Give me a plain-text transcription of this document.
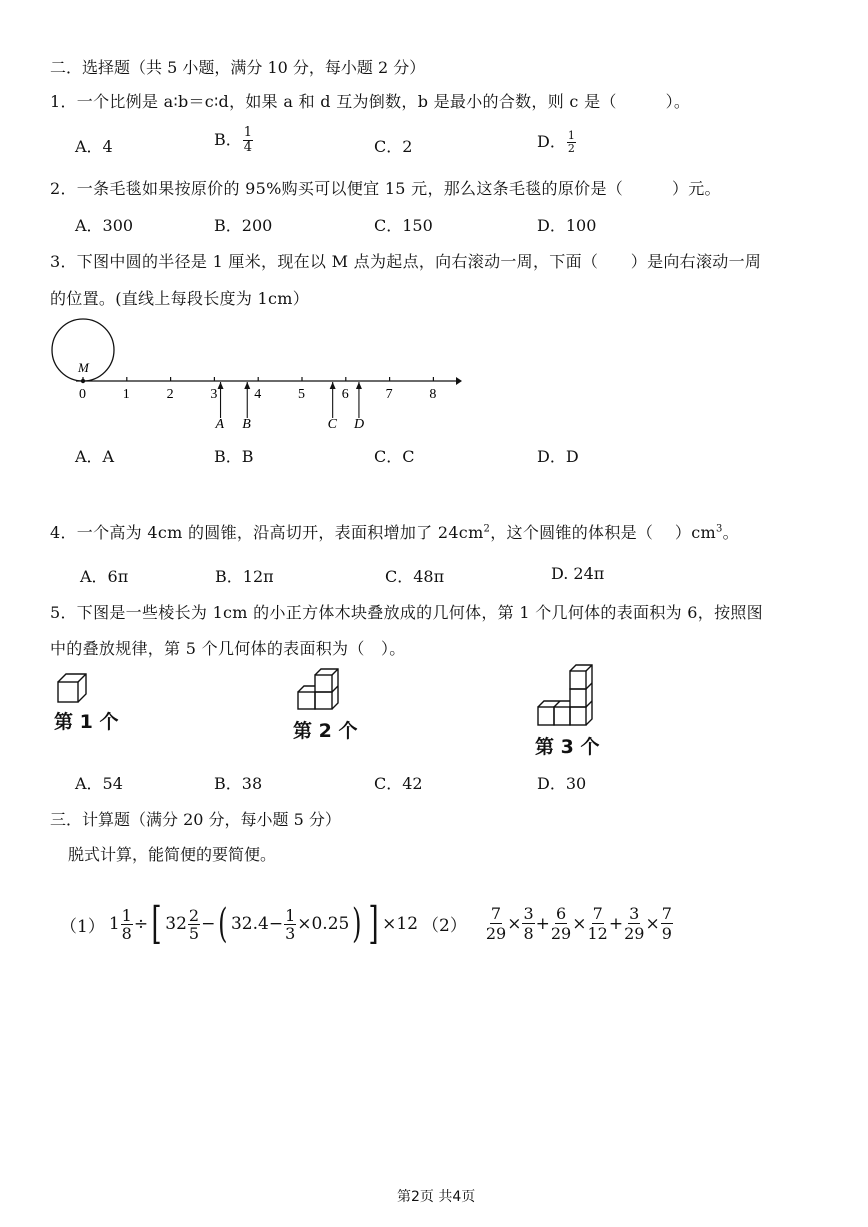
二．选择题（共 5 小题，满分 10 分，每小题 2 分）
1．一个比例是 a∶b＝c∶d，如果 a 和 d 互为倒数，b 是最小的合数，则 c 是（　　　）。
A．4	B． $\frac{1}{4}$	C．2	D． $\frac{1}{2}$
2．一条毛毯如果按原价的 95%购买可以便宜 15 元，那么这条毛毯的原价是（　　　）元。
A．300	B．200	C．150	D．100
3．下图中圆的半径是 1 厘米，现在以 M 点为起点，向右滚动一周，下面（　　）是向右滚动一周
的位置。(直线上每段长度为 1cm）
M
0	1	2	3	4	5	6	7	8
A B	C D
A．A	B．B	C．C	D．D
4．一个高为 4cm 的圆锥，沿高切开，表面积增加了 $24cm^2$，这个圆锥的体积是（　 ）$cm^3$。
A．6π	B．12π	C．48π	D. 24π
5．下图是一些棱长为 1cm 的小正方体木块叠放成的几何体，第 1 个几何体的表面积为 6，按照图
中的叠放规律，第 5 个几何体的表面积为（　）。
第 1 个	第 2 个
第 3 个
A．54	B．38	C．42	D．30
三．计算题（满分 20 分，每小题 5 分）
脱式计算，能简便的要简便。
（1） $1 \frac{1}{8}$ ÷ [ $32 \frac{2}{5}$ − ( $32.4 - \frac{1}{3} \times 0.25$ ) ] ×12 $(2) \frac{7}{29} \times \frac{3}{8} + \frac{6}{29} \times \frac{7}{12} + \frac{3}{29} \times \frac{7}{9}$
第2页 共4页
